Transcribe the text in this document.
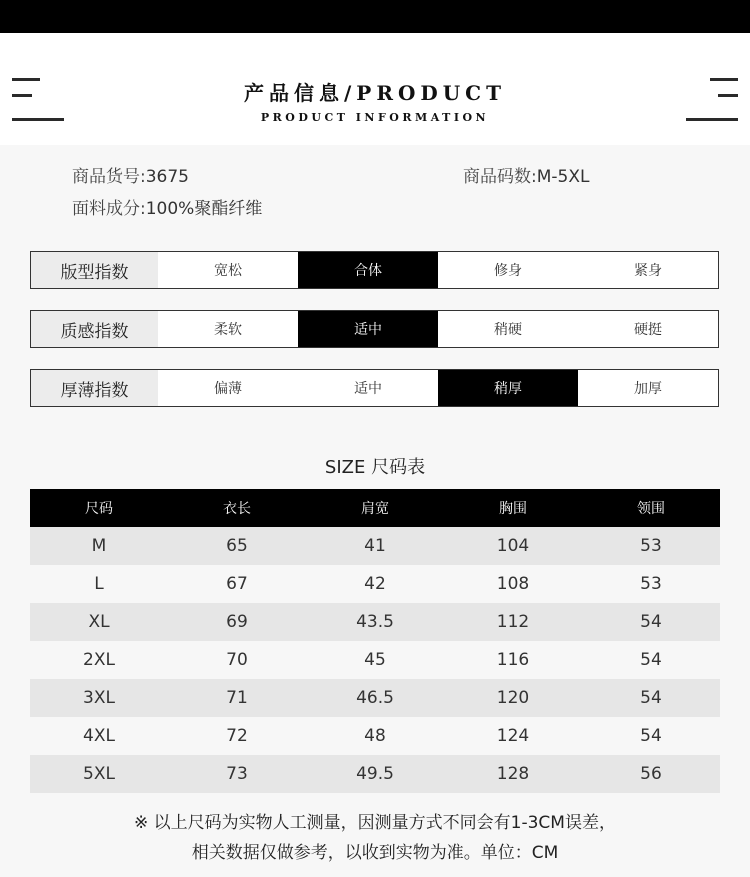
产品信息/PRODUCT
PRODUCT INFORMATION
商品货号:3675	商品码数:M-5XL
面料成分:100%聚酯纤维
版型指数	宽松	合体	修身	紧身
质感指数	柔软	适中	稍硬	硬挺
厚薄指数	偏薄	适中	稍厚	加厚
SIZE 尺码表
尺码	衣长	肩宽	胸围	领围
M	65	41	104	53
L	67	42	108	53
XL	69	43.5	112	54
2XL	70	45	116	54
3XL	71	46.5	120	54
4XL	72	48	124	54
5XL	73	49.5	128	56
※ 以上尺码为实物人工测量，因测量方式不同会有1-3CM误差，
相关数据仅做参考，以收到实物为准。单位：CM
